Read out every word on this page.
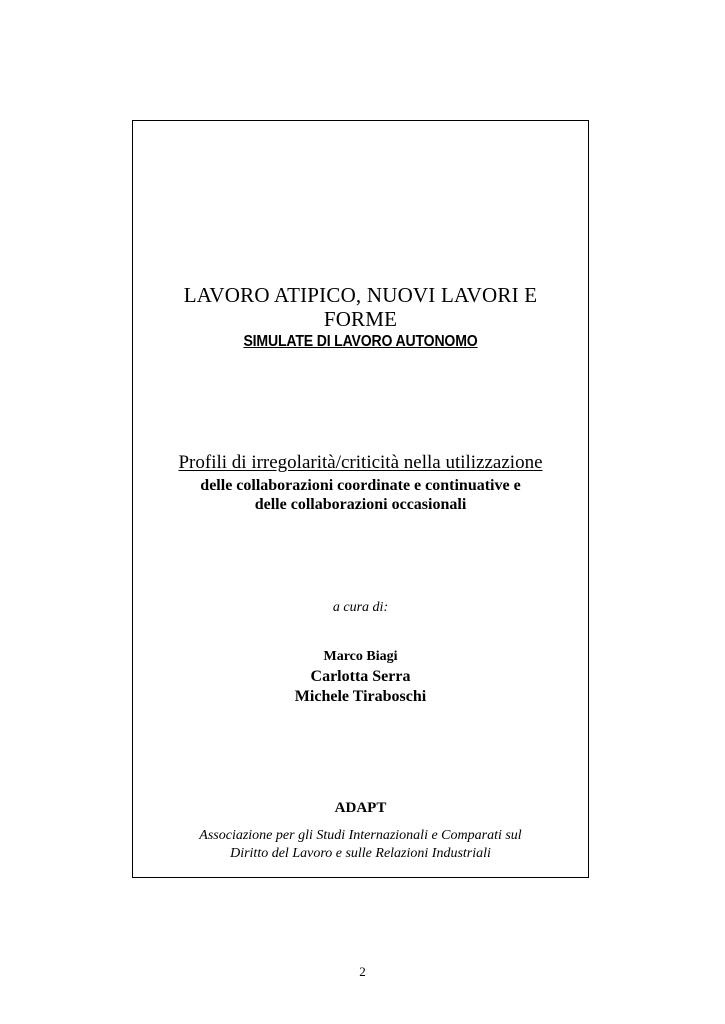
LAVORO ATIPICO, NUOVI LAVORI E
FORME
SIMULATE DI LAVORO AUTONOMO
Profili di irregolarità/criticità nella utilizzazione
delle collaborazioni coordinate e continuative e
delle collaborazioni occasionali
a cura di:
Marco Biagi
Carlotta Serra
Michele Tiraboschi
ADAPT
Associazione per gli Studi Internazionali e Comparati sul
Diritto del Lavoro e sulle Relazioni Industriali
2
